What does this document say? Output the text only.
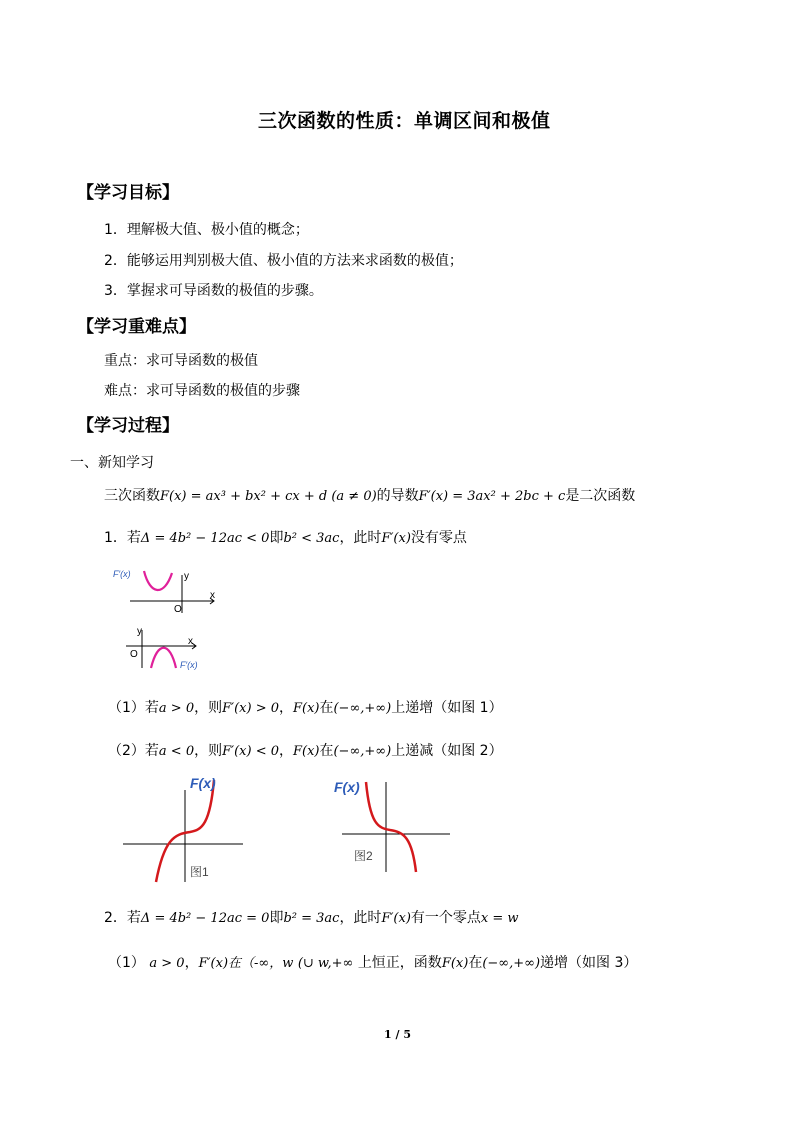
三次函数的性质：单调区间和极值
【学习目标】
1．理解极大值、极小值的概念；
2．能够运用判别极大值、极小值的方法来求函数的极值；
3．掌握求可导函数的极值的步骤。
【学习重难点】
重点：求可导函数的极值
难点：求可导函数的极值的步骤
【学习过程】
一、新知学习
三次函数F(x) = ax³ + bx² + cx + d (a ≠ 0)的导数F′(x) = 3ax² + 2bc + c是二次函数
1．若Δ = 4b² − 12ac < 0即b² < 3ac，此时F′(x)没有零点
F′(x)	y
x
O
y
x
O
F′(x)
（1）若a > 0，则F′(x) > 0，F(x)在(−∞,+∞)上递增（如图 1）
（2）若a < 0，则F′(x) < 0，F(x)在(−∞,+∞)上递减（如图 2）
F(x)
图1
F(x)
图2
2．若Δ = 4b² − 12ac = 0即b² = 3ac，此时F′(x)有一个零点x = w
（1） a > 0，F′(x)在（-∞，w (∪ w,+∞ 上恒正，函数F(x)在(−∞,+∞)递增（如图 3）
1 / 5
